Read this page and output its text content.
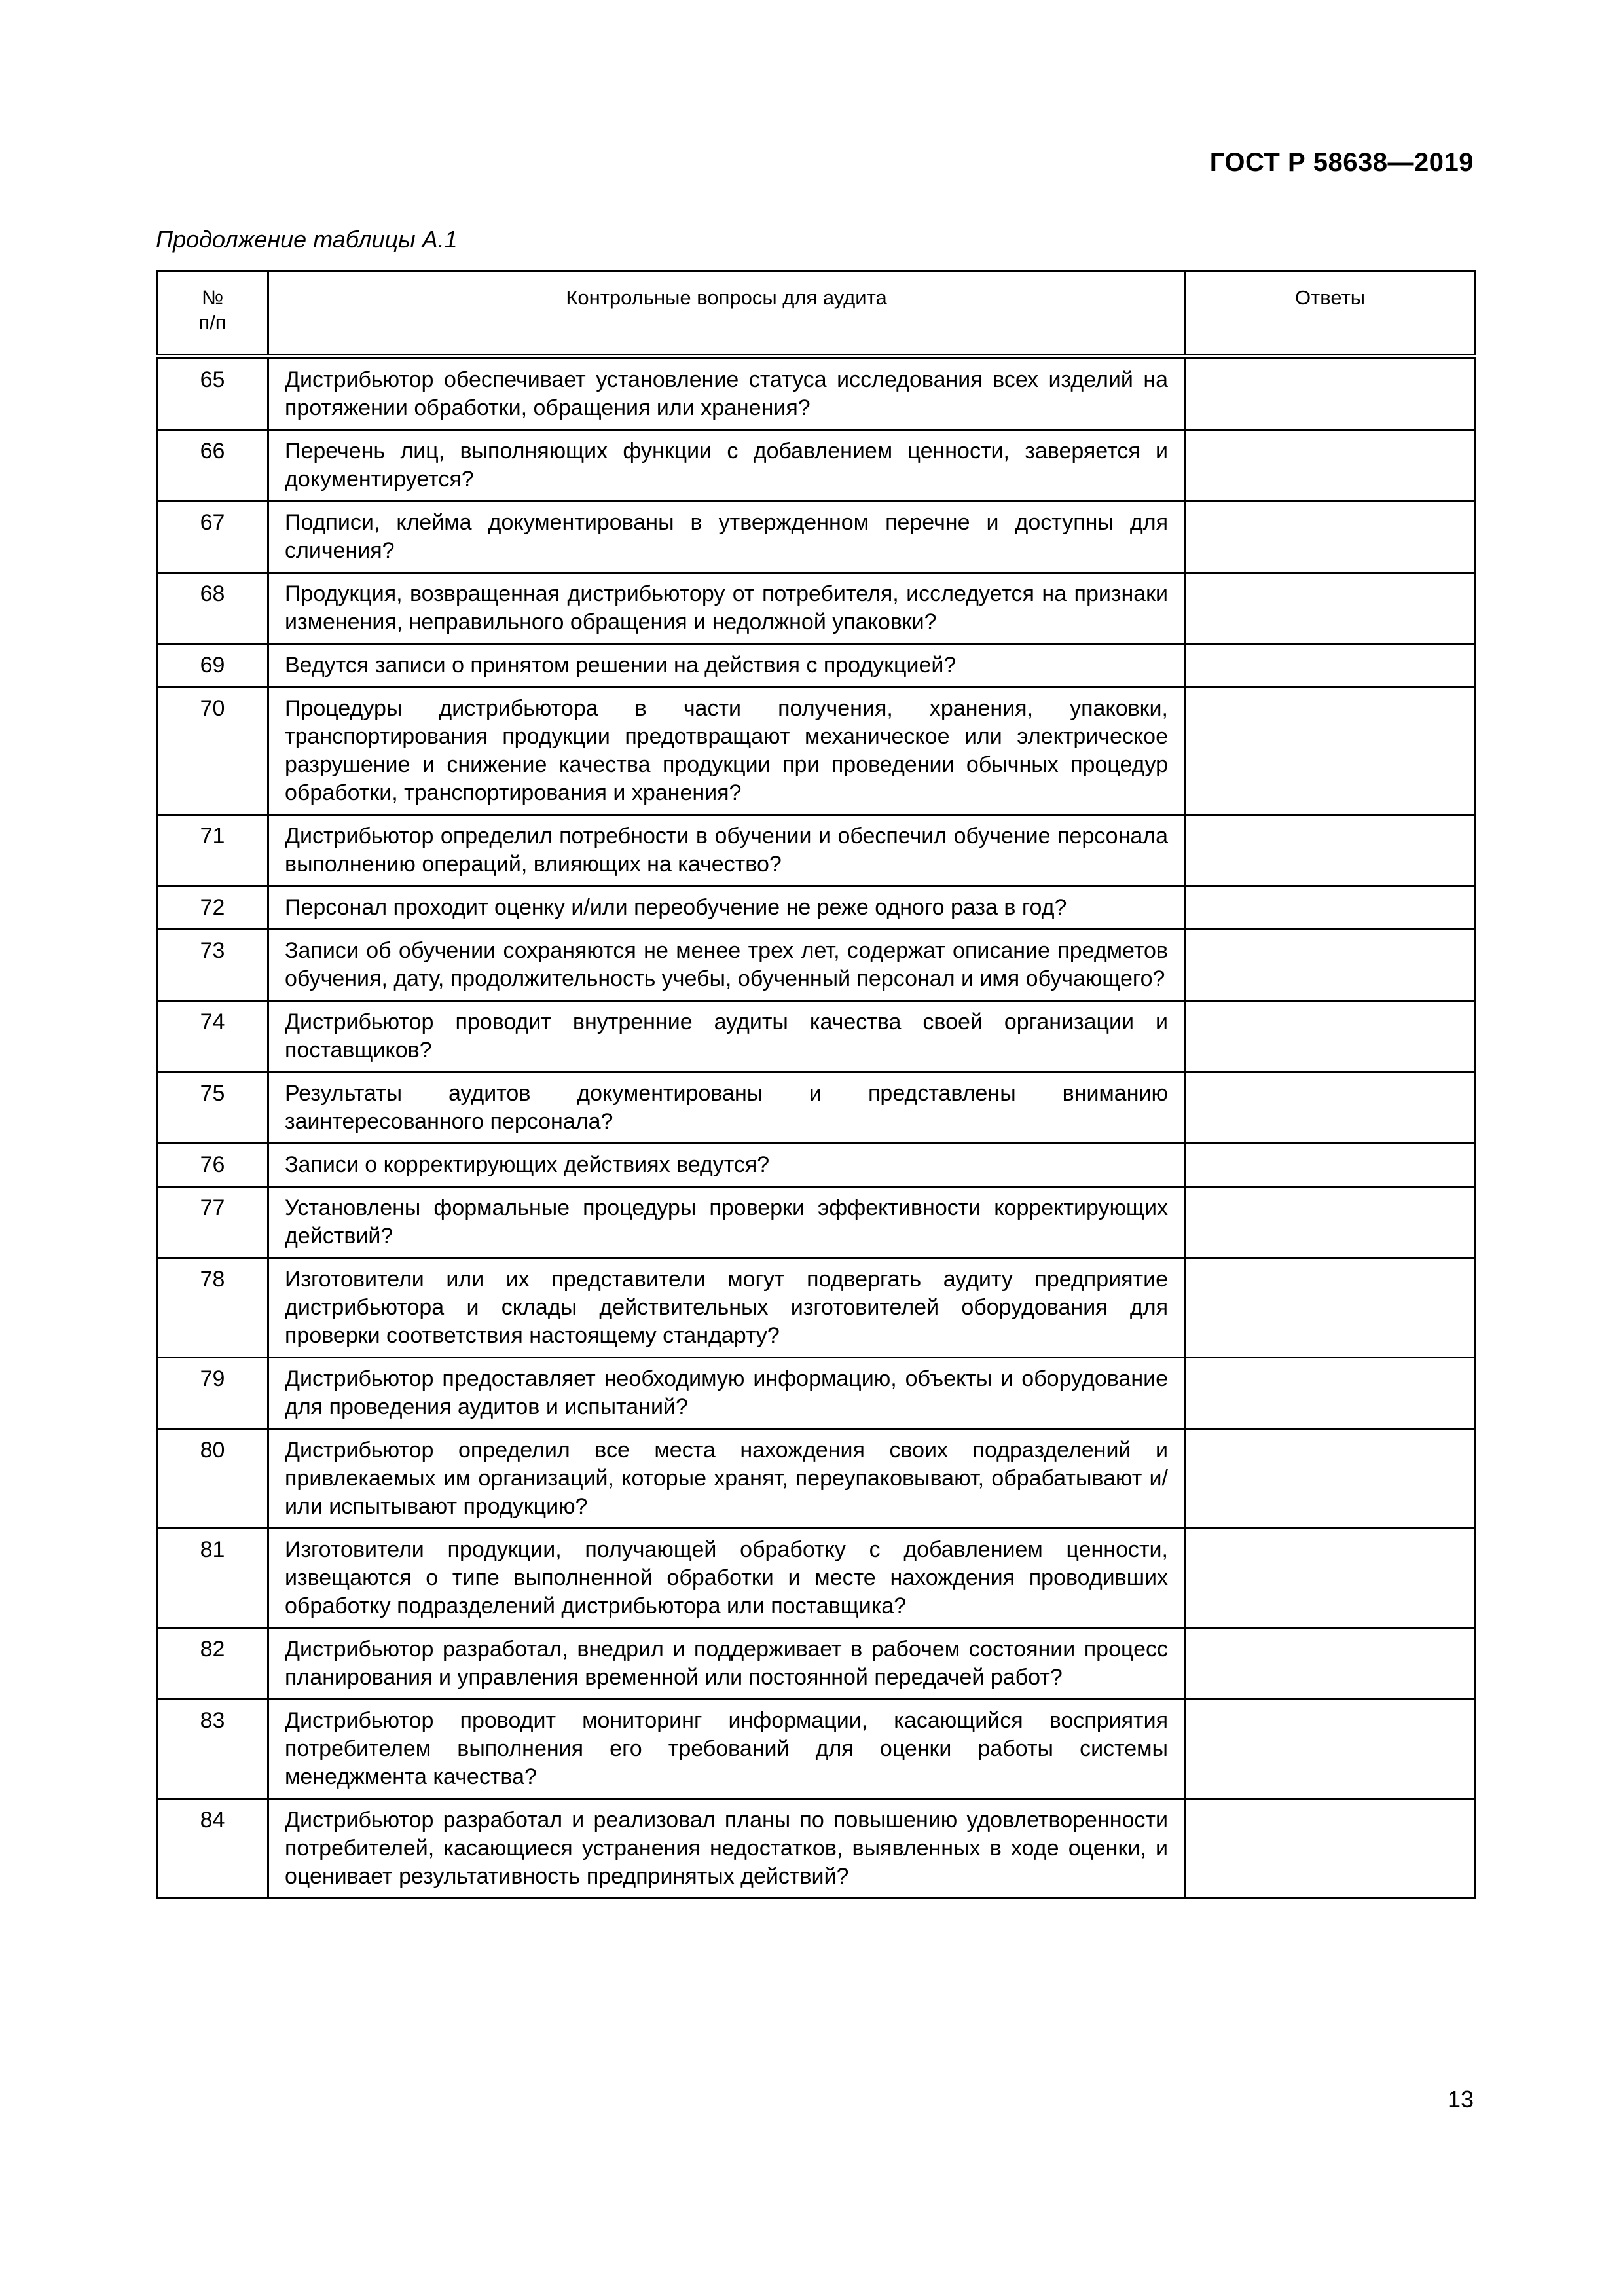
ГОСТ Р 58638—2019
Продолжение таблицы А.1
№
п/п	Контрольные вопросы для аудита	Ответы
65	Дистрибьютор обеспечивает установление статуса исследования всех изделий на протяжении обработки, обращения или хранения?	
66	Перечень лиц, выполняющих функции с добавлением ценности, заверяется и документируется?	
67	Подписи, клейма документированы в утвержденном перечне и доступны для сличения?	
68	Продукция, возвращенная дистрибьютору от потребителя, исследуется на признаки изменения, неправильного обращения и недолжной упаковки?	
69	Ведутся записи о принятом решении на действия с продукцией?	
70	Процедуры дистрибьютора в части получения, хранения, упаковки, транспортирования продукции предотвращают механическое или электрическое разрушение и снижение качества продукции при проведении обычных процедур обработки, транспортирования и хранения?	
71	Дистрибьютор определил потребности в обучении и обеспечил обучение персонала выполнению операций, влияющих на качество?	
72	Персонал проходит оценку и/или переобучение не реже одного раза в год?	
73	Записи об обучении сохраняются не менее трех лет, содержат описание предметов обучения, дату, продолжительность учебы, обученный персонал и имя обучающего?	
74	Дистрибьютор проводит внутренние аудиты качества своей организации и поставщиков?	
75	Результаты аудитов документированы и представлены вниманию заинтересованного персонала?	
76	Записи о корректирующих действиях ведутся?	
77	Установлены формальные процедуры проверки эффективности корректирующих действий?	
78	Изготовители или их представители могут подвергать аудиту предприятие дистрибьютора и склады действительных изготовителей оборудования для проверки соответствия настоящему стандарту?	
79	Дистрибьютор предоставляет необходимую информацию, объекты и оборудование для проведения аудитов и испытаний?	
80	Дистрибьютор определил все места нахождения своих подразделений и привлекаемых им организаций, которые хранят, переупаковывают, обрабатывают и/или испытывают продукцию?	
81	Изготовители продукции, получающей обработку с добавлением ценности, извещаются о типе выполненной обработки и месте нахождения проводивших обработку подразделений дистрибьютора или поставщика?	
82	Дистрибьютор разработал, внедрил и поддерживает в рабочем состоянии процесс планирования и управления временной или постоянной передачей работ?	
83	Дистрибьютор проводит мониторинг информации, касающийся восприятия потребителем выполнения его требований для оценки работы системы менеджмента качества?	
84	Дистрибьютор разработал и реализовал планы по повышению удовлетворенности потребителей, касающиеся устранения недостатков, выявленных в ходе оценки, и оценивает результативность предпринятых действий?	
13
